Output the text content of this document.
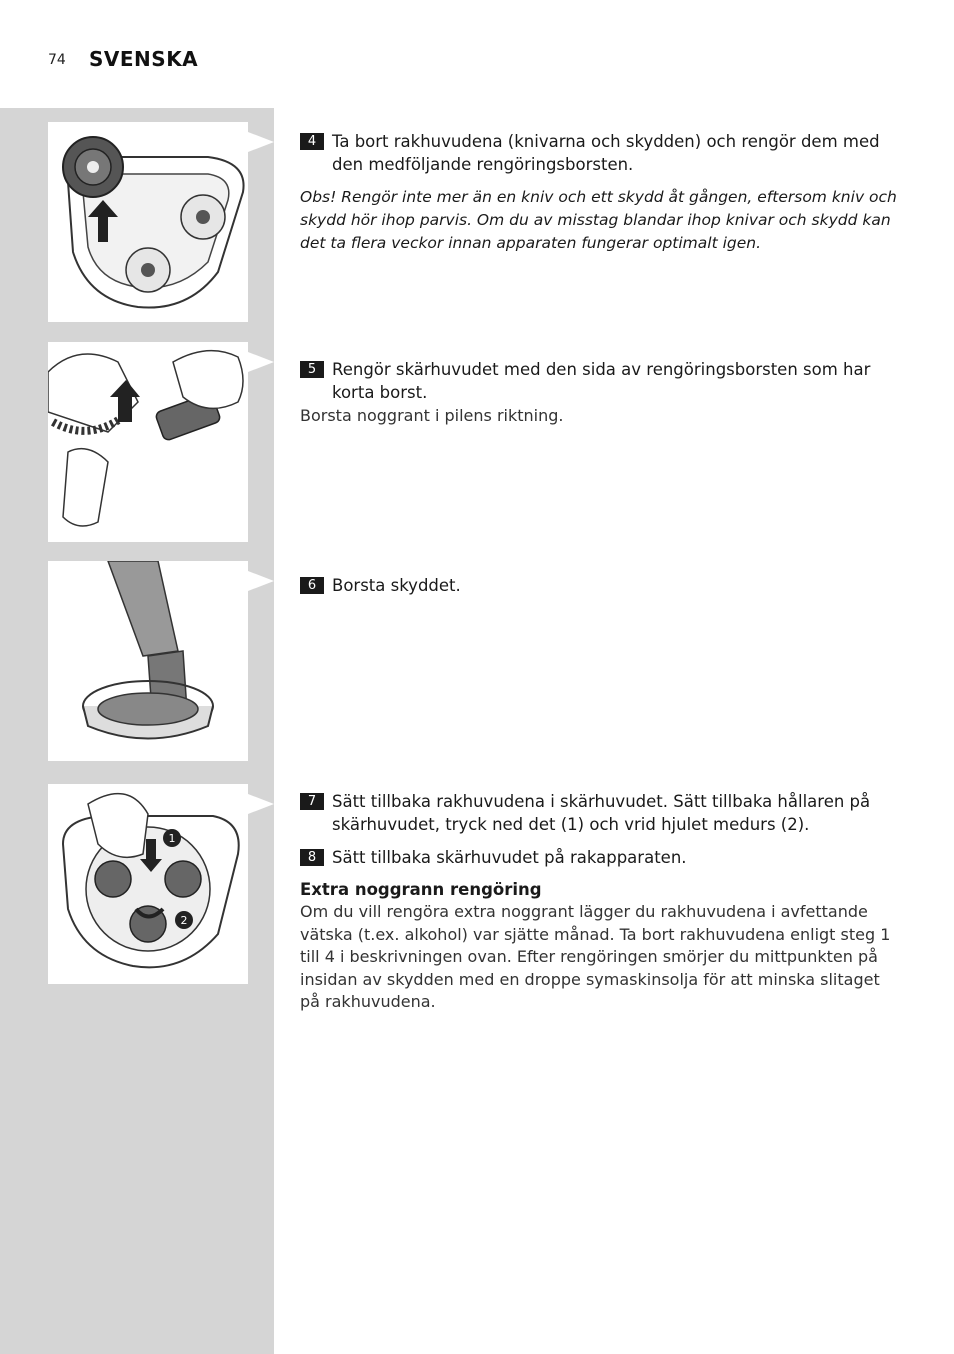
74 SVENSKA
1
2
4 Ta bort rakhuvudena (knivarna och skydden) och rengör dem med den medföljande rengöringsborsten.
Obs! Rengör inte mer än en kniv och ett skydd åt gången, eftersom kniv och skydd hör ihop parvis. Om du av misstag blandar ihop knivar och skydd kan det ta flera veckor innan apparaten fungerar optimalt igen.
5 Rengör skärhuvudet med den sida av rengöringsborsten som har korta borst.
Borsta noggrant i pilens riktning.
6 Borsta skyddet.
7 Sätt tillbaka rakhuvudena i skärhuvudet. Sätt tillbaka hållaren på skärhuvudet, tryck ned det (1) och vrid hjulet medurs (2).
8 Sätt tillbaka skärhuvudet på rakapparaten.
Extra noggrann rengöring
Om du vill rengöra extra noggrant lägger du rakhuvudena i avfettande vätska (t.ex. alkohol) var sjätte månad. Ta bort rakhuvudena enligt steg 1 till 4 i beskrivningen ovan. Efter rengöringen smörjer du mittpunkten på insidan av skydden med en droppe symaskinsolja för att minska slitaget på rakhuvudena.
